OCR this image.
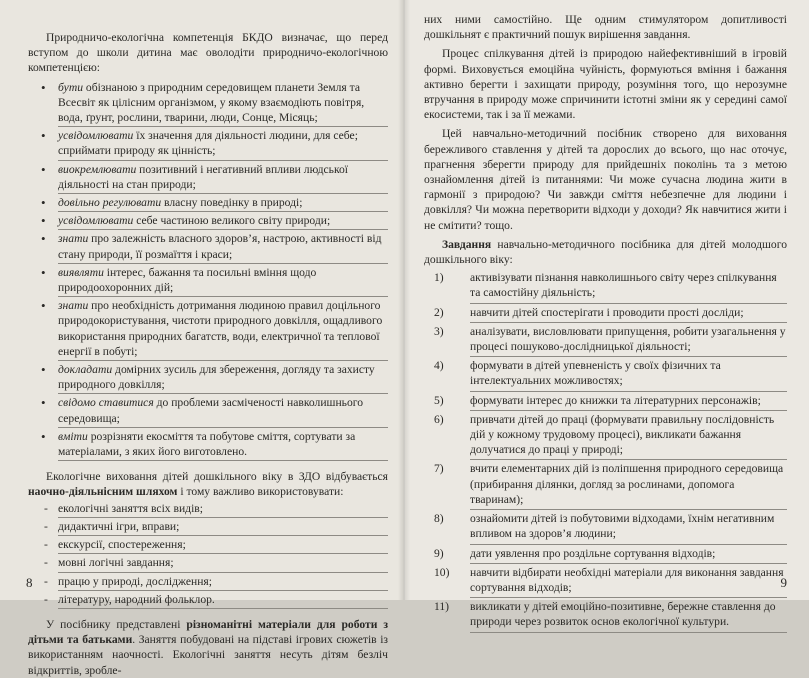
Природничо-екологічна компетенція БКДО визначає, що перед вступом до школи дитина має оволодіти природничо-екологічною компетенцією:

• бути обізнаною з природним середовищем планети Земля та Всесвіт як цілісним організмом, у якому взаємодіють повітря, вода, ґрунт, рослини, тварини, люди, Сонце, Місяць;
• усвідомлювати їх значення для діяльності людини, для себе; сприймати природу як цінність;
• виокремлювати позитивний і негативний впливи людської діяльності на стан природи;
• довільно регулювати власну поведінку в природі;
• усвідомлювати себе частиною великого світу природи;
• знати про залежність власного здоров’я, настрою, активності від стану природи, її розмаїття і краси;
• виявляти інтерес, бажання та посильні вміння щодо природоохоронних дій;
• знати про необхідність дотримання людиною правил доцільного природокористування, чистоти природного довкілля, ощадливого використання природних багатств, води, електричної та теплової енергії в побуті;
• докладати домірних зусиль для збереження, догляду та захисту природного довкілля;
• свідомо ставитися до проблеми засміченості навколишнього середовища;
• вміти розрізняти екосміття та побутове сміття, сортувати за матеріалами, з яких його виготовлено.

Екологічне виховання дітей дошкільного віку в ЗДО відбувається наочно-діяльнісним шляхом і тому важливо використовувати:

- екологічні заняття всіх видів;
- дидактичні ігри, вправи;
- екскурсії, спостереження;
- мовні логічні завдання;
- працю у природі, дослідження;
- літературу, народний фольклор.

У посібнику представлені різноманітні матеріали для роботи з дітьми та батьками. Заняття побудовані на підставі ігрових сюжетів із використанням наочності. Екологічні заняття несуть дітям безліч відкриттів, зробле-

8

них ними самостійно. Ще одним стимулятором допитливості дошкільнят є практичний пошук вирішення завдання.

Процес спілкування дітей із природою найефективніший в ігровій формі. Виховується емоційна чуйність, формуються вміння і бажання активно берегти і захищати природу, розуміння того, що нерозумне втручання в природу може спричинити істотні зміни як у середині самої екосистеми, так і за її межами.

Цей навчально-методичний посібник створено для виховання бережливого ставлення у дітей та дорослих до всього, що нас оточує, прагнення зберегти природу для прийдешніх поколінь та з метою ознайомлення дітей із питаннями: Чи може сучасна людина жити в гармонії з природою? Чи завжди сміття небезпечне для людини і довкілля? Чи можна перетворити відходи у доходи? Як навчитися жити і не смітити? тощо.

Завдання навчально-методичного посібника для дітей молодшого дошкільного віку:

1) активізувати пізнання навколишнього світу через спілкування та самостійну діяльність;
2) навчити дітей спостерігати і проводити прості досліди;
3) аналізувати, висловлювати припущення, робити узагальнення у процесі пошуково-дослідницької діяльності;
4) формувати в дітей упевненість у своїх фізичних та інтелектуальних можливостях;
5) формувати інтерес до книжки та літературних персонажів;
6) привчати дітей до праці (формувати правильну послідовність дій у кожному трудовому процесі), викликати бажання долучатися до праці у природі;
7) вчити елементарних дій із поліпшення природного середовища (прибирання ділянки, догляд за рослинами, допомога тваринам);
8) ознайомити дітей із побутовими відходами, їхнім негативним впливом на здоров’я людини;
9) дати уявлення про роздільне сортування відходів;
10) навчити відбирати необхідні матеріали для виконання завдання сортування відходів;
11) викликати у дітей емоційно-позитивне, бережне ставлення до природи через розвиток основ екологічної культури.
9
